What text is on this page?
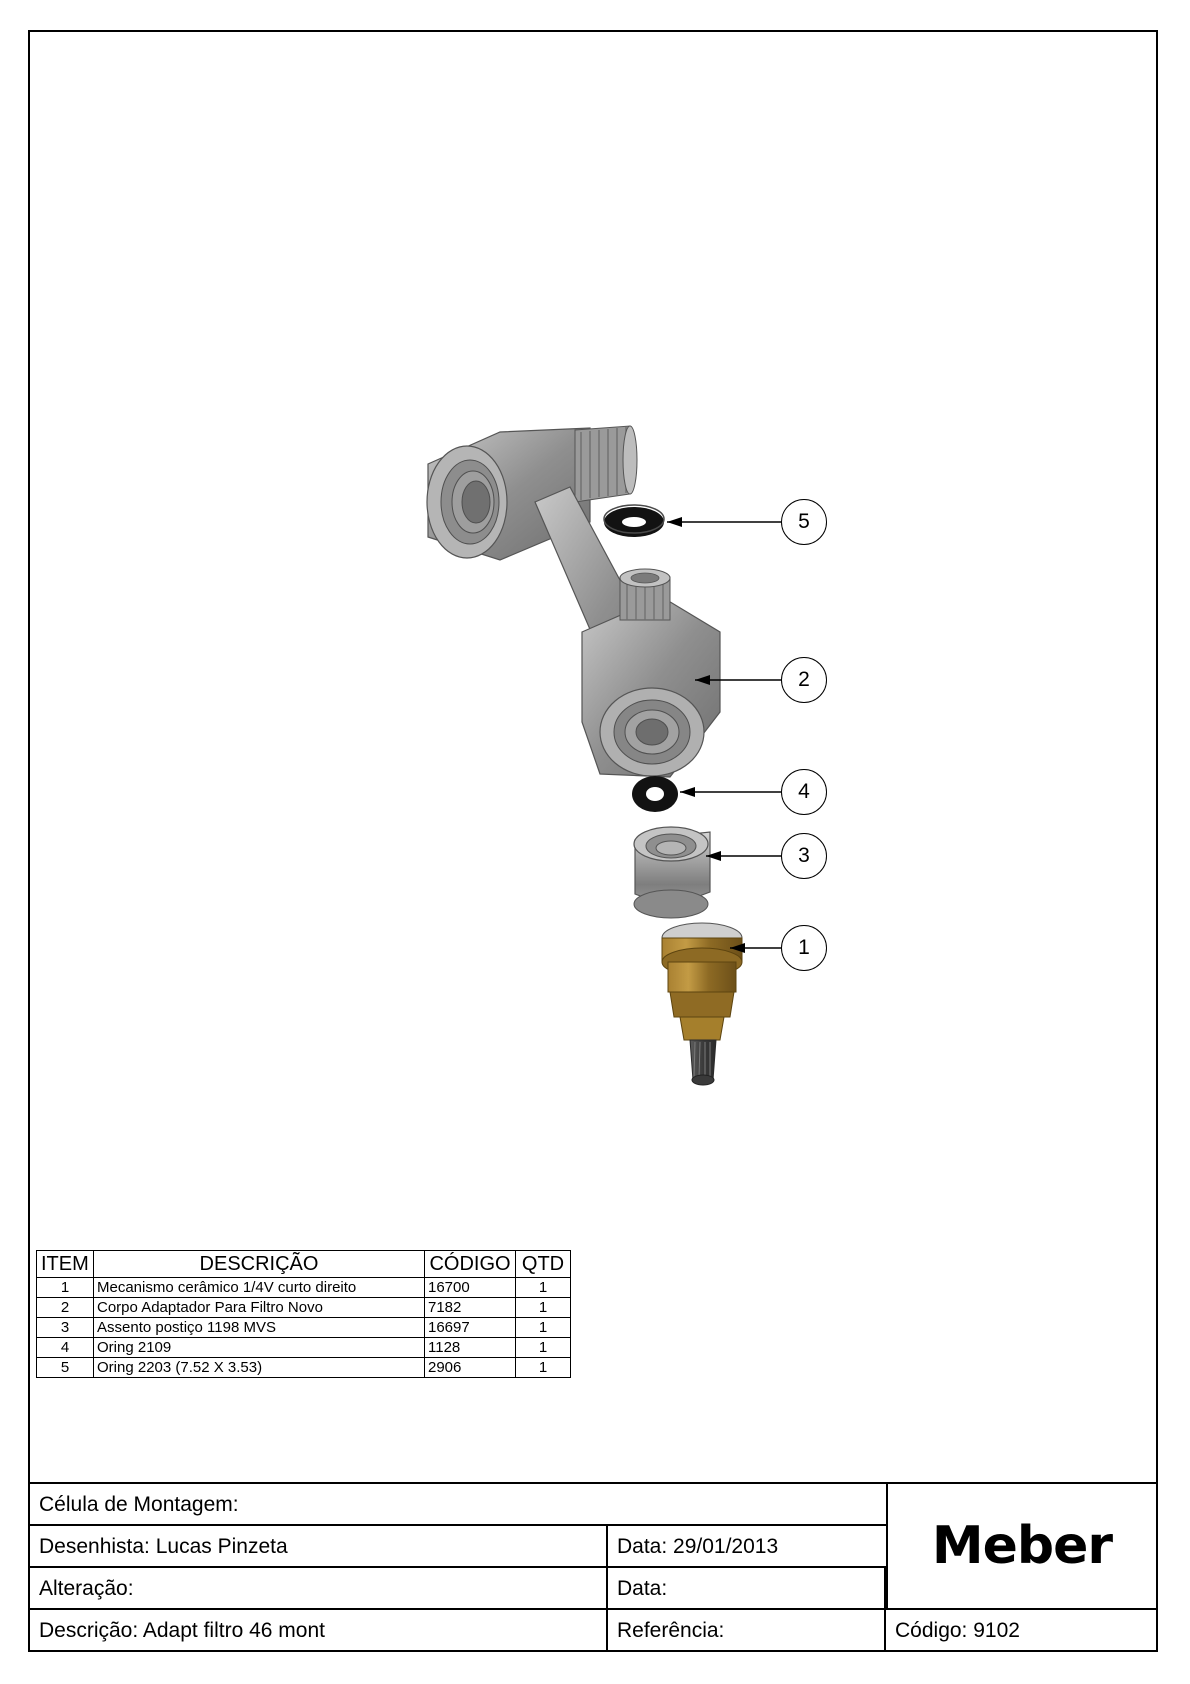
5
2
4
3
1
ITEM	DESCRIÇÃO	CÓDIGO	QTD
1	Mecanismo cerâmico 1/4V curto direito	16700	1
2	Corpo Adaptador Para Filtro Novo	7182	1
3	Assento postiço 1198 MVS	16697	1
4	Oring 2109	1128	1
5	Oring 2203 (7.52 X 3.53)	2906	1
Célula de Montagem:
Desenhista: Lucas Pinzeta	Data: 29/01/2013
Alteração:	Data:
Descrição: Adapt filtro 46 mont	Referência:	Código: 9102
Meber
